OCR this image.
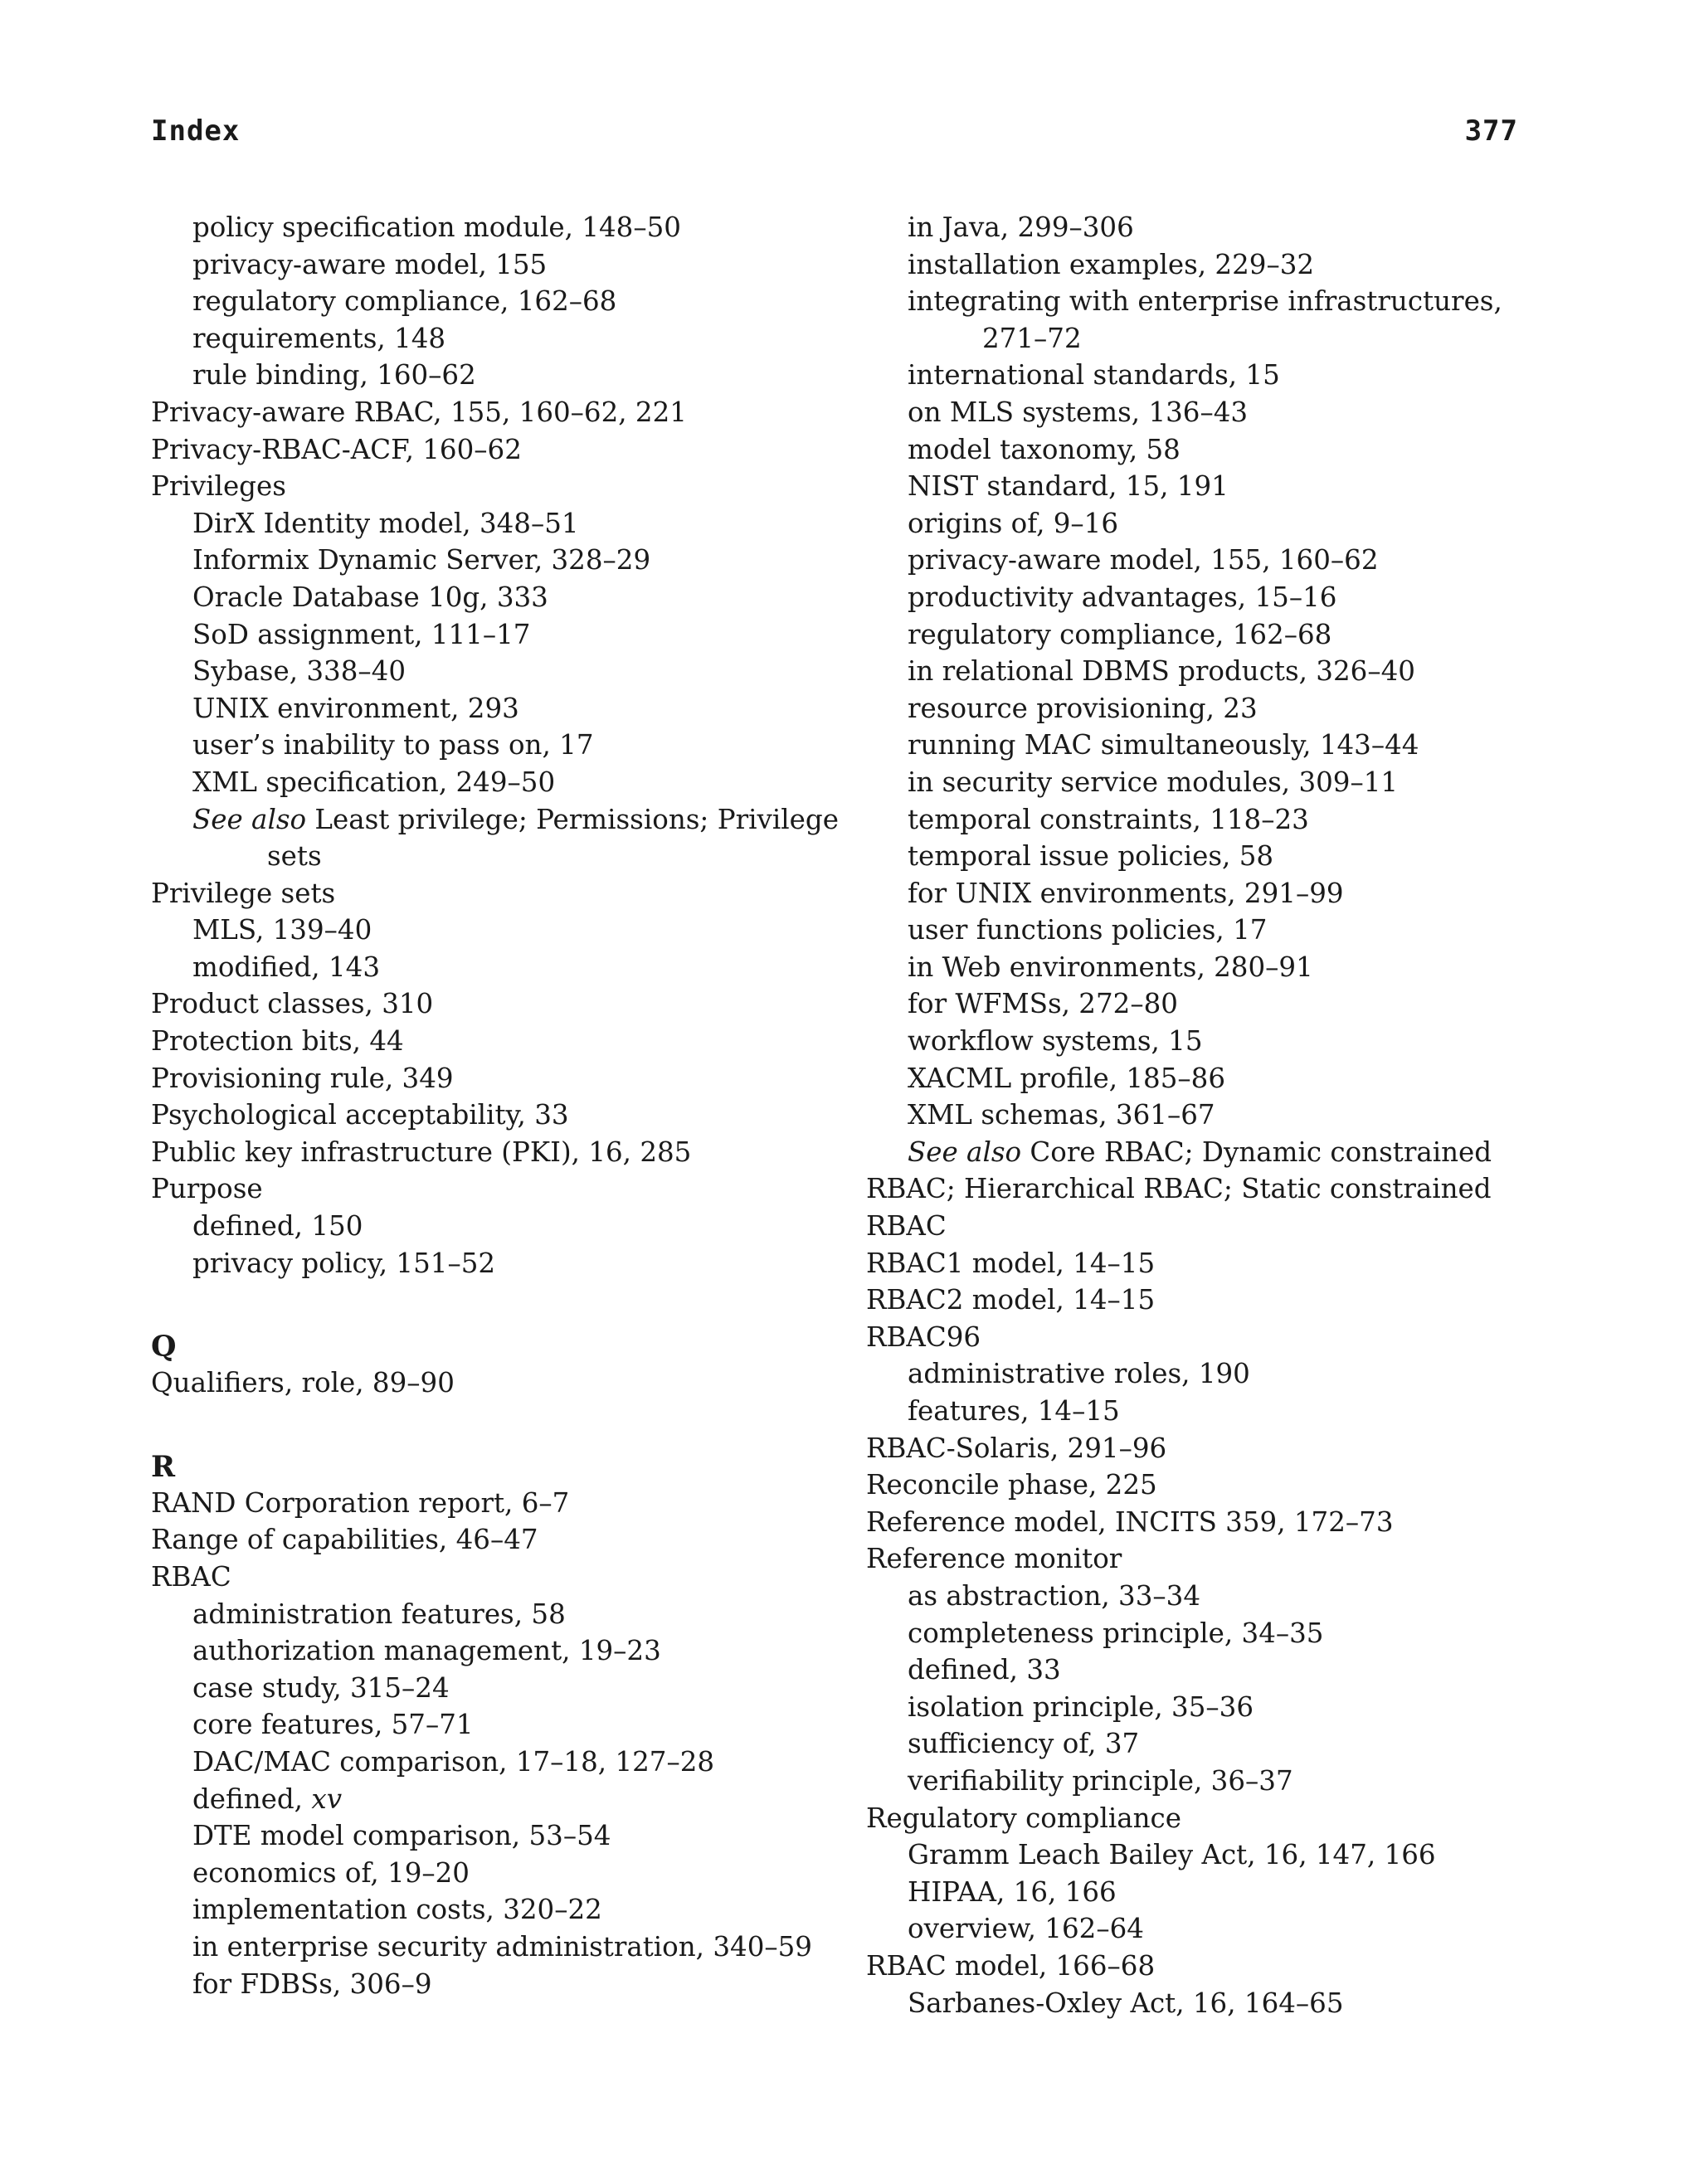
Index	377
policy specification module, 148–50
privacy-aware model, 155
regulatory compliance, 162–68
requirements, 148
rule binding, 160–62
Privacy-aware RBAC, 155, 160–62, 221
Privacy-RBAC-ACF, 160–62
Privileges
DirX Identity model, 348–51
Informix Dynamic Server, 328–29
Oracle Database 10g, 333
SoD assignment, 111–17
Sybase, 338–40
UNIX environment, 293
user’s inability to pass on, 17
XML specification, 249–50
See also Least privilege; Permissions; Privilege
sets
Privilege sets
MLS, 139–40
modified, 143
Product classes, 310
Protection bits, 44
Provisioning rule, 349
Psychological acceptability, 33
Public key infrastructure (PKI), 16, 285
Purpose
defined, 150
privacy policy, 151–52
Q
Qualifiers, role, 89–90
R
RAND Corporation report, 6–7
Range of capabilities, 46–47
RBAC
administration features, 58
authorization management, 19–23
case study, 315–24
core features, 57–71
DAC/MAC comparison, 17–18, 127–28
defined, xv
DTE model comparison, 53–54
economics of, 19–20
implementation costs, 320–22
in enterprise security administration, 340–59
for FDBSs, 306–9
in Java, 299–306
installation examples, 229–32
integrating with enterprise infrastructures,
271–72
international standards, 15
on MLS systems, 136–43
model taxonomy, 58
NIST standard, 15, 191
origins of, 9–16
privacy-aware model, 155, 160–62
productivity advantages, 15–16
regulatory compliance, 162–68
in relational DBMS products, 326–40
resource provisioning, 23
running MAC simultaneously, 143–44
in security service modules, 309–11
temporal constraints, 118–23
temporal issue policies, 58
for UNIX environments, 291–99
user functions policies, 17
in Web environments, 280–91
for WFMSs, 272–80
workflow systems, 15
XACML profile, 185–86
XML schemas, 361–67
See also Core RBAC; Dynamic constrained
RBAC; Hierarchical RBAC; Static constrained
RBAC
RBAC1 model, 14–15
RBAC2 model, 14–15
RBAC96
administrative roles, 190
features, 14–15
RBAC-Solaris, 291–96
Reconcile phase, 225
Reference model, INCITS 359, 172–73
Reference monitor
as abstraction, 33–34
completeness principle, 34–35
defined, 33
isolation principle, 35–36
sufficiency of, 37
verifiability principle, 36–37
Regulatory compliance
Gramm Leach Bailey Act, 16, 147, 166
HIPAA, 16, 166
overview, 162–64
RBAC model, 166–68
Sarbanes-Oxley Act, 16, 164–65
